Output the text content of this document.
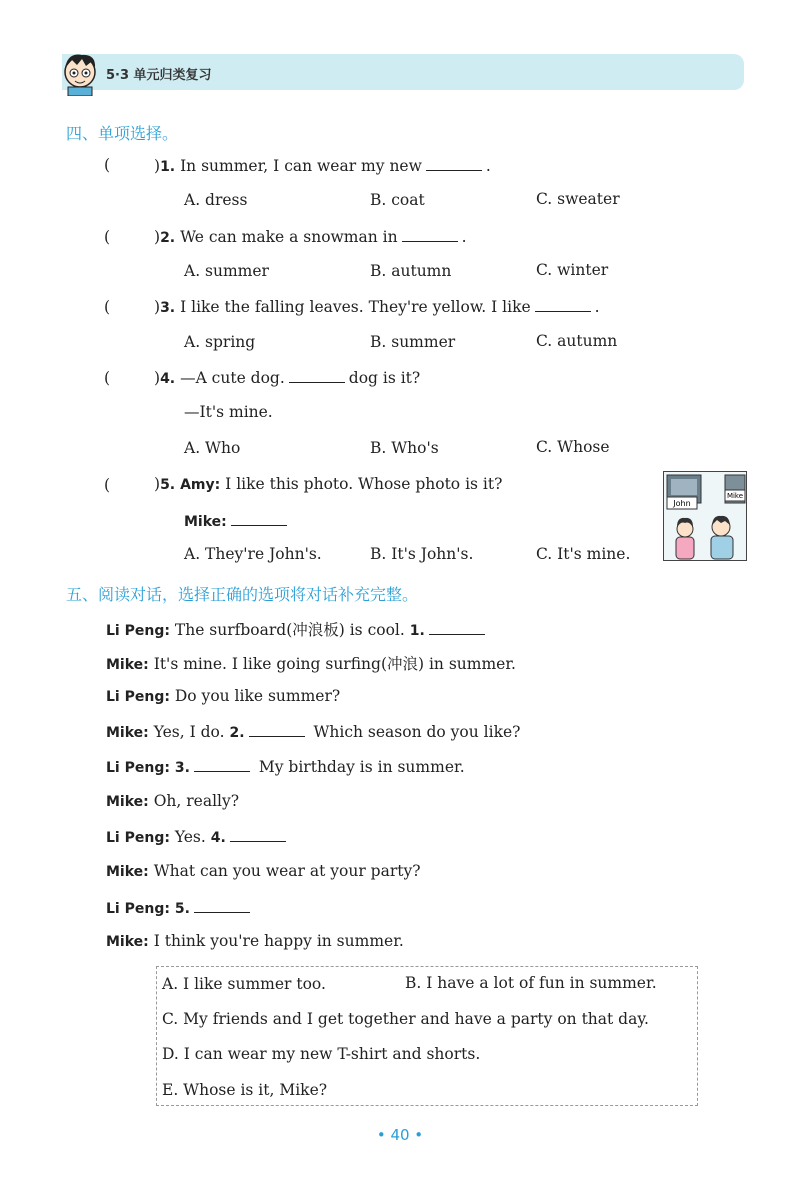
5·3 单元归类复习
四、单项选择。
(	)1. In summer, I can wear my new	.
A. dress	B. coat	C. sweater
(	)2. We can make a snowman in	.
A. summer	B. autumn	C. winter
(	)3. I like the falling leaves. They're yellow. I like	.
A. spring	B. summer	C. autumn
(	)4. —A cute dog.	dog is it?
—It's mine.
A. Who	B. Who's	C. Whose
(	)5. Amy: I like this photo. Whose photo is it?
Mike:
A. They're John's.	B. It's John's.	C. It's mine.
John
Mike
五、阅读对话，选择正确的选项将对话补充完整。
Li Peng: The surfboard(冲浪板) is cool. 1.
Mike: It's mine. I like going surfing(冲浪) in summer.
Li Peng: Do you like summer?
Mike: Yes, I do. 2.	Which season do you like?
Li Peng: 3.	My birthday is in summer.
Mike: Oh, really?
Li Peng: Yes. 4.
Mike: What can you wear at your party?
Li Peng: 5.
Mike: I think you're happy in summer.
A. I like summer too.	B. I have a lot of fun in summer.
C. My friends and I get together and have a party on that day.
D. I can wear my new T-shirt and shorts.
E. Whose is it, Mike?
• 40 •
